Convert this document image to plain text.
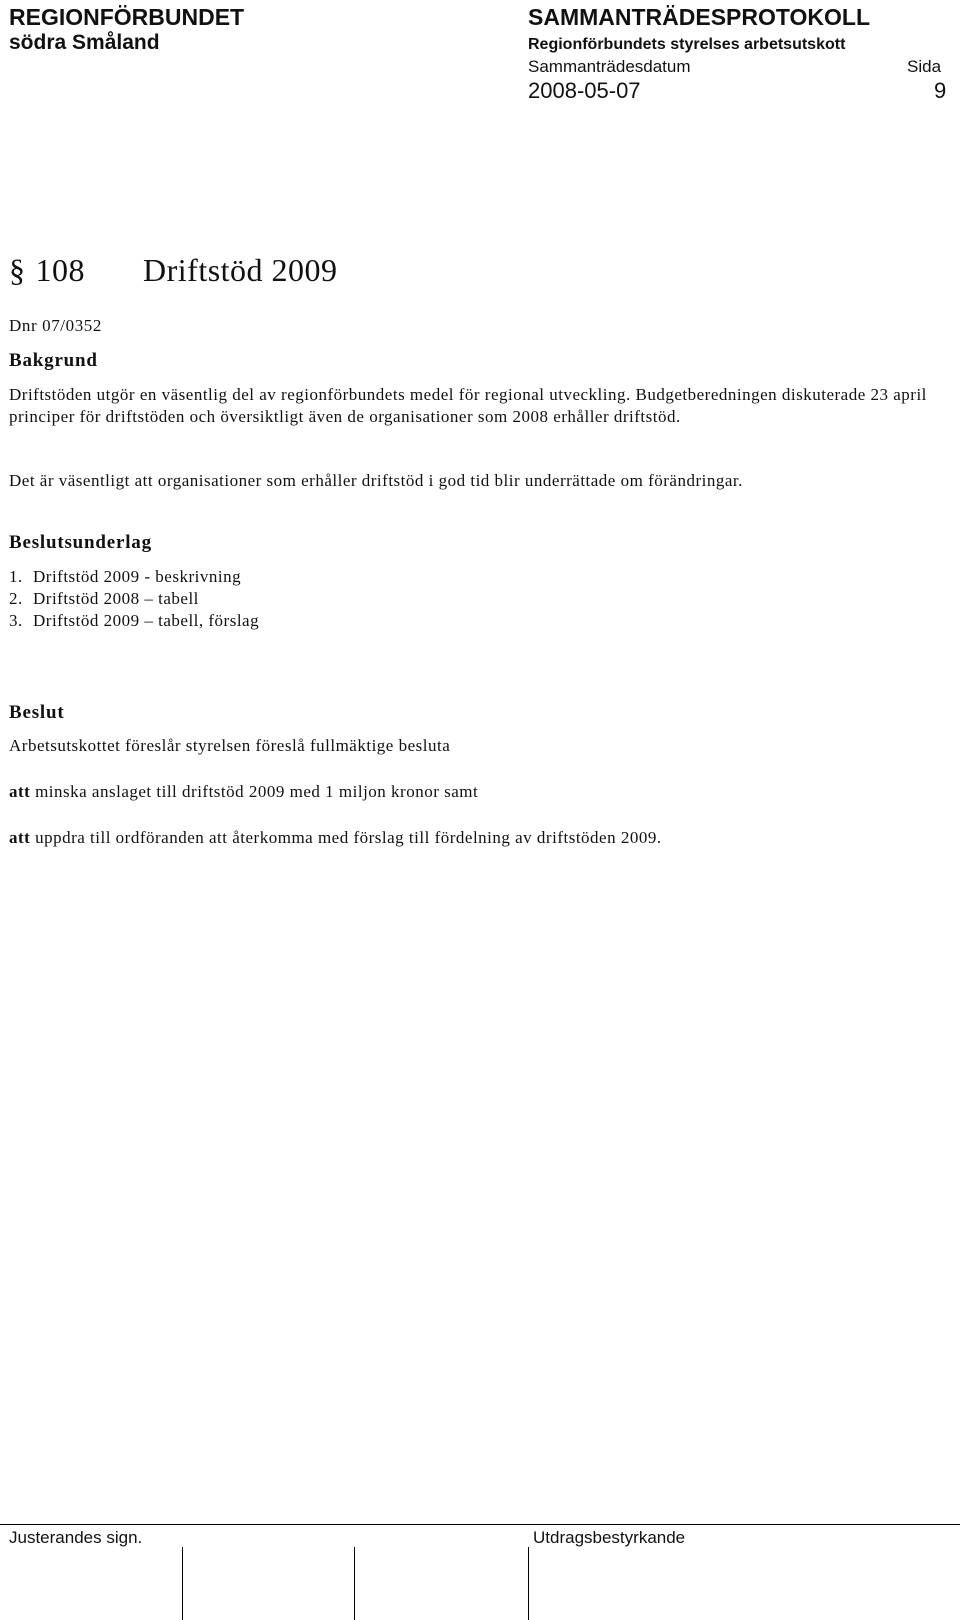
REGIONFÖRBUNDET
södra Småland
SAMMANTRÄDESPROTOKOLL
Regionförbundets styrelses arbetsutskott
Sammanträdesdatum	Sida
2008-05-07	9
§ 108 Driftstöd 2009
Dnr 07/0352
Bakgrund

Driftstöden utgör en väsentlig del av regionförbundets medel för regional utveckling. Budgetberedningen diskuterade 23 april principer för driftstöden och översiktligt även de organisationer som 2008 erhåller driftstöd.

Det är väsentligt att organisationer som erhåller driftstöd i god tid blir underrättade om förändringar.

Beslutsunderlag
1. Driftstöd 2009 - beskrivning
2. Driftstöd 2008 – tabell
3. Driftstöd 2009 – tabell, förslag
Beslut
Arbetsutskottet föreslår styrelsen föreslå fullmäktige besluta
att minska anslaget till driftstöd 2009 med 1 miljon kronor samt
att uppdra till ordföranden att återkomma med förslag till fördelning av driftstöden 2009.
Justerandes sign.	Utdragsbestyrkande
